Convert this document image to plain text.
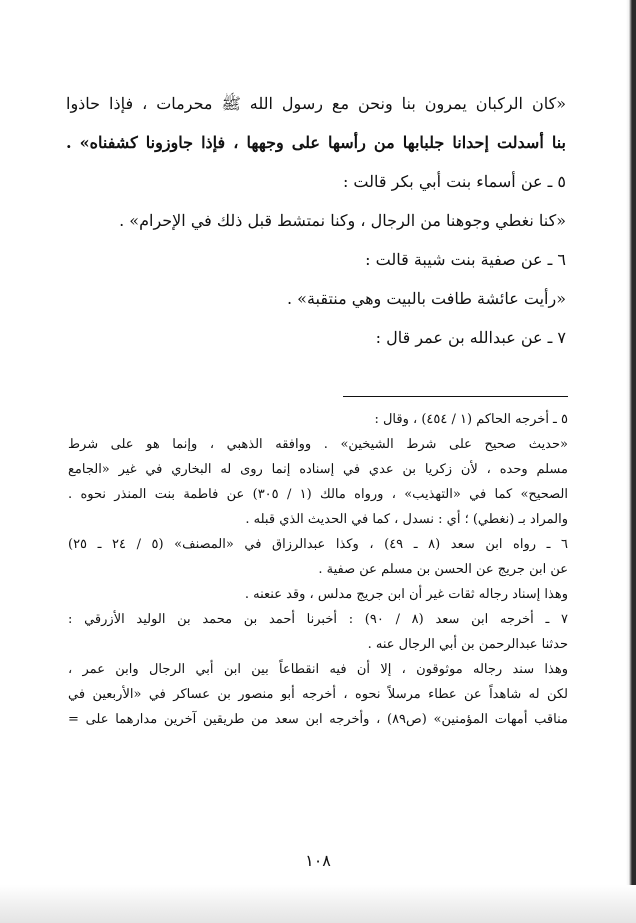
«كان الركبان يمرون بنا ونحن مع رسول الله ﷺ محرمات ، فإذا حاذوا
بنا أسدلت إحدانا جلبابها من رأسها على وجهها ، فإذا جاوزونا كشفناه» .
٥ ـ عن أسماء بنت أبي بكر قالت :
«كنا نغطي وجوهنا من الرجال ، وكنا نمتشط قبل ذلك في الإحرام» .
٦ ـ عن صفية بنت شيبة قالت :
«رأيت عائشة طافت بالبيت وهي منتقبة» .
٧ ـ عن عبدالله بن عمر قال :
٥ ـ أخرجه الحاكم (١ / ٤٥٤) ، وقال :
«حديث صحيح على شرط الشيخين» . ووافقه الذهبي ، وإنما هو على شرط
مسلم وحده ، لأن زكريا بن عدي في إسناده إنما روى له البخاري في غير «الجامع
الصحيح» كما في «التهذيب» ، ورواه مالك (١ / ٣٠٥) عن فاطمة بنت المنذر نحوه .
والمراد بـ (نغطي) ؛ أي : نسدل ، كما في الحديث الذي قبله .
٦ ـ رواه ابن سعد (٨ ـ ٤٩) ، وكذا عبدالرزاق في «المصنف» (٥ / ٢٤ ـ ٢٥)
عن ابن جريج عن الحسن بن مسلم عن صفية .
وهذا إسناد رجاله ثقات غير أن ابن جريج مدلس ، وقد عنعنه .
٧ ـ أخرجه ابن سعد (٨ / ٩٠) : أخبرنا أحمد بن محمد بن الوليد الأزرقي :
حدثنا عبدالرحمن بن أبي الرجال عنه .
وهذا سند رجاله موثوقون ، إلا أن فيه انقطاعاً بين ابن أبي الرجال وابن عمر ،
لكن له شاهداً عن عطاء مرسلاً نحوه ، أخرجه أبو منصور بن عساكر في «الأربعين في
مناقب أمهات المؤمنين» (ص٨٩) ، وأخرجه ابن سعد من طريقين آخرين مدارهما على =
١٠٨
